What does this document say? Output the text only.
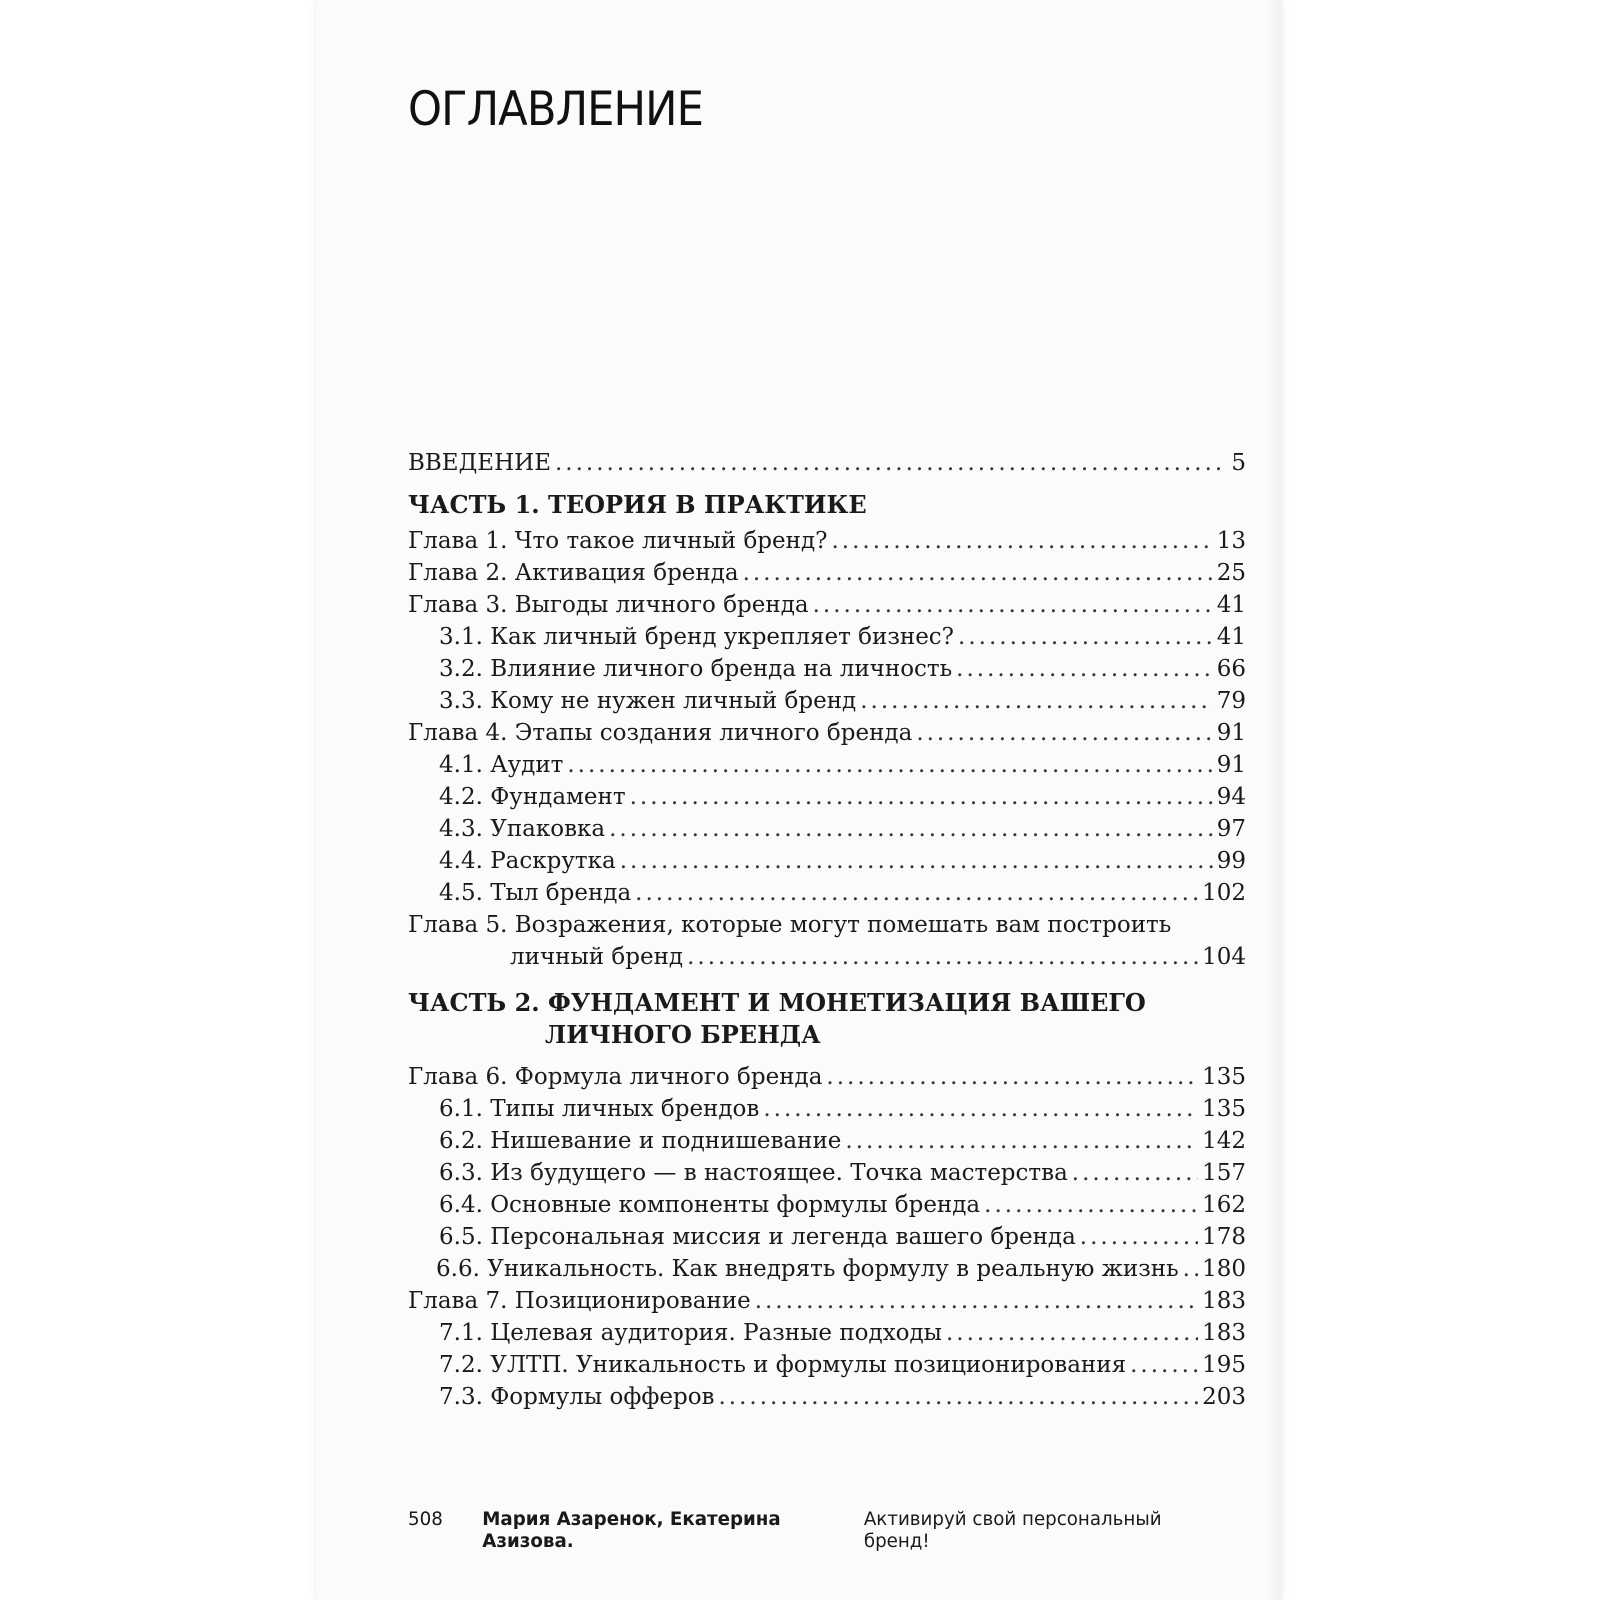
ОГЛАВЛЕНИЕ
ВВЕДЕНИЕ .....	5
ЧАСТЬ 1. ТЕОРИЯ В ПРАКТИКЕ
Глава 1. Что такое личный бренд? .....	13
Глава 2. Активация бренда .....	25
Глава 3. Выгоды личного бренда .....	41
3.1. Как личный бренд укрепляет бизнес? .....	41
3.2. Влияние личного бренда на личность .....	66
3.3. Кому не нужен личный бренд .....	79
Глава 4. Этапы создания личного бренда .....	91
4.1. Аудит .....	91
4.2. Фундамент .....	94
4.3. Упаковка .....	97
4.4. Раскрутка .....	99
4.5. Тыл бренда .....	102
Глава 5. Возражения, которые могут помешать вам построить
личный бренд .....	104
ЧАСТЬ 2. ФУНДАМЕНТ И МОНЕТИЗАЦИЯ ВАШЕГО
ЛИЧНОГО БРЕНДА
Глава 6. Формула личного бренда .....	135
6.1. Типы личных брендов .....	135
6.2. Нишевание и поднишевание .....	142
6.3. Из будущего — в настоящее. Точка мастерства .....	157
6.4. Основные компоненты формулы бренда .....	162
6.5. Персональная миссия и легенда вашего бренда .....	178
6.6. Уникальность. Как внедрять формулу в реальную жизнь ..... 180
Глава 7. Позиционирование .....	183
7.1. Целевая аудитория. Разные подходы .....	183
7.2. УЛТП. Уникальность и формулы позиционирования .....	195
7.3. Формулы офферов .....	203
508	Мария Азаренок, Екатерина Азизова.
Активируй свой персональный бренд!
